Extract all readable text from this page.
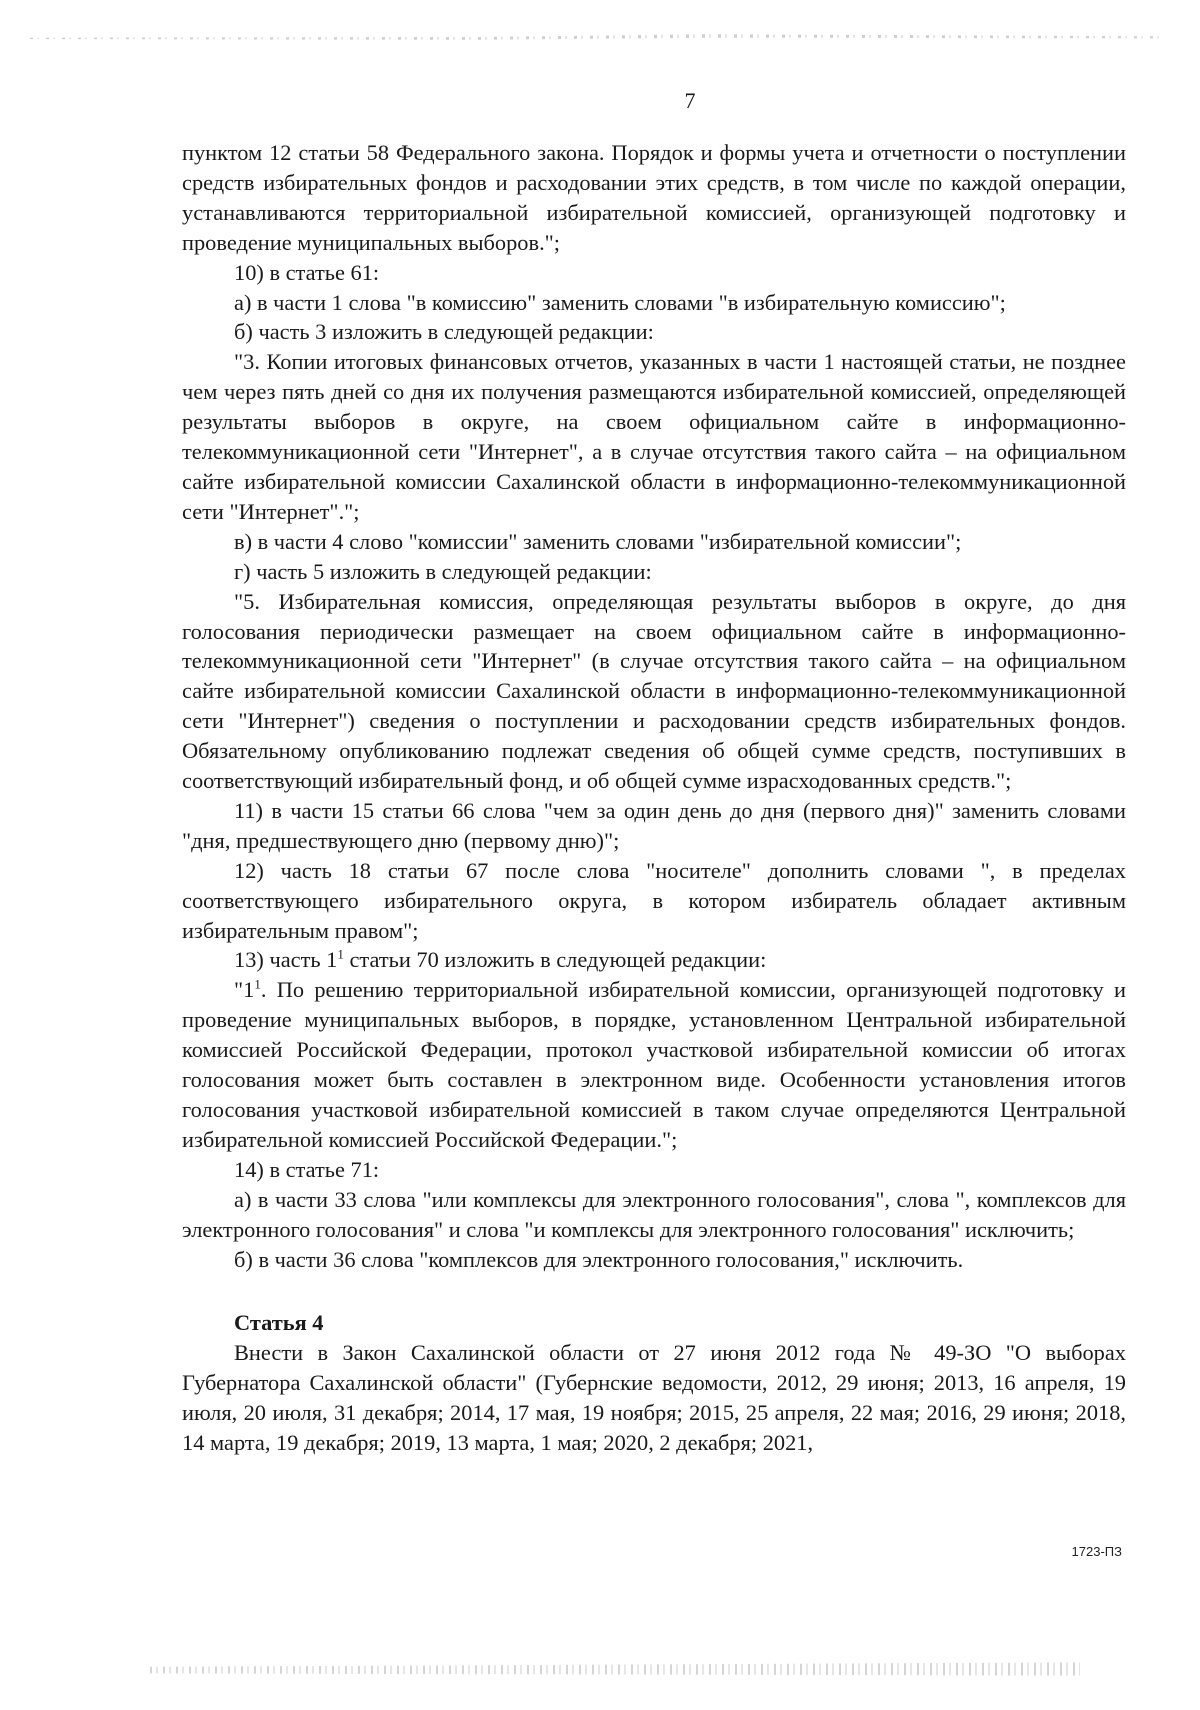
7

пунктом 12 статьи 58 Федерального закона. Порядок и формы учета и отчетности о поступлении средств избирательных фондов и расходовании этих средств, в том числе по каждой операции, устанавливаются территориальной избирательной комиссией, организующей подготовку и проведение муниципальных выборов.";

10) в статье 61:

а) в части 1 слова "в комиссию" заменить словами "в избирательную комиссию";

б) часть 3 изложить в следующей редакции:

"3. Копии итоговых финансовых отчетов, указанных в части 1 настоящей статьи, не позднее чем через пять дней со дня их получения размещаются избирательной комиссией, определяющей результаты выборов в округе, на своем официальном сайте в информационно-телекоммуникационной сети "Интернет", а в случае отсутствия такого сайта – на официальном сайте избирательной комиссии Сахалинской области в информационно-телекоммуникационной сети "Интернет".";

в) в части 4 слово "комиссии" заменить словами "избирательной комиссии";

г) часть 5 изложить в следующей редакции:

"5. Избирательная комиссия, определяющая результаты выборов в округе, до дня голосования периодически размещает на своем официальном сайте в информационно-телекоммуникационной сети "Интернет" (в случае отсутствия такого сайта – на официальном сайте избирательной комиссии Сахалинской области в информационно-телекоммуникационной сети "Интернет") сведения о поступлении и расходовании средств избирательных фондов. Обязательному опубликованию подлежат сведения об общей сумме средств, поступивших в соответствующий избирательный фонд, и об общей сумме израсходованных средств.";

11) в части 15 статьи 66 слова "чем за один день до дня (первого дня)" заменить словами "дня, предшествующего дню (первому дню)";

12) часть 18 статьи 67 после слова "носителе" дополнить словами ", в пределах соответствующего избирательного округа, в котором избиратель обладает активным избирательным правом";

13) часть $1^1$ статьи 70 изложить в следующей редакции:

"$1^1$. По решению территориальной избирательной комиссии, организующей подготовку и проведение муниципальных выборов, в порядке, установленном Центральной избирательной комиссией Российской Федерации, протокол участковой избирательной комиссии об итогах голосования может быть составлен в электронном виде. Особенности установления итогов голосования участковой избирательной комиссией в таком случае определяются Центральной избирательной комиссией Российской Федерации.";

14) в статье 71:

а) в части 33 слова "или комплексы для электронного голосования", слова ", комплексов для электронного голосования" и слова "и комплексы для электронного голосования" исключить;

б) в части 36 слова "комплексов для электронного голосования," исключить.

Статья 4

Внести в Закон Сахалинской области от 27 июня 2012 года № 49-ЗО "О выборах Губернатора Сахалинской области" (Губернские ведомости, 2012, 29 июня; 2013, 16 апреля, 19 июля, 20 июля, 31 декабря; 2014, 17 мая, 19 ноября; 2015, 25 апреля, 22 мая; 2016, 29 июня; 2018, 14 марта, 19 декабря; 2019, 13 марта, 1 мая; 2020, 2 декабря; 2021,

1723-ПЗ
